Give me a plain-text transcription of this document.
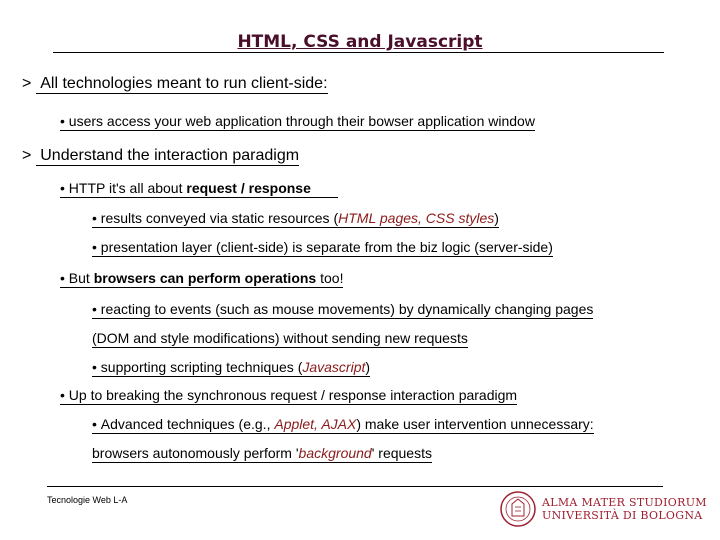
HTML, CSS and Javascript
> All technologies meant to run client-side:
• users access your web application through their bowser application window
> Understand the interaction paradigm
• HTTP it's all about request / response
• results conveyed via static resources (HTML pages, CSS styles)
• presentation layer (client-side) is separate from the biz logic (server-side)
• But browsers can perform operations too!
• reacting to events (such as mouse movements) by dynamically changing pages
(DOM and style modifications) without sending new requests
• supporting scripting techniques (Javascript)
• Up to breaking the synchronous request / response interaction paradigm
• Advanced techniques (e.g., Applet, AJAX) make user intervention unnecessary:
browsers autonomously perform 'background' requests
Tecnologie Web L-A	ALMA MATER STUDIORUM
UNIVERSITÀ DI BOLOGNA
